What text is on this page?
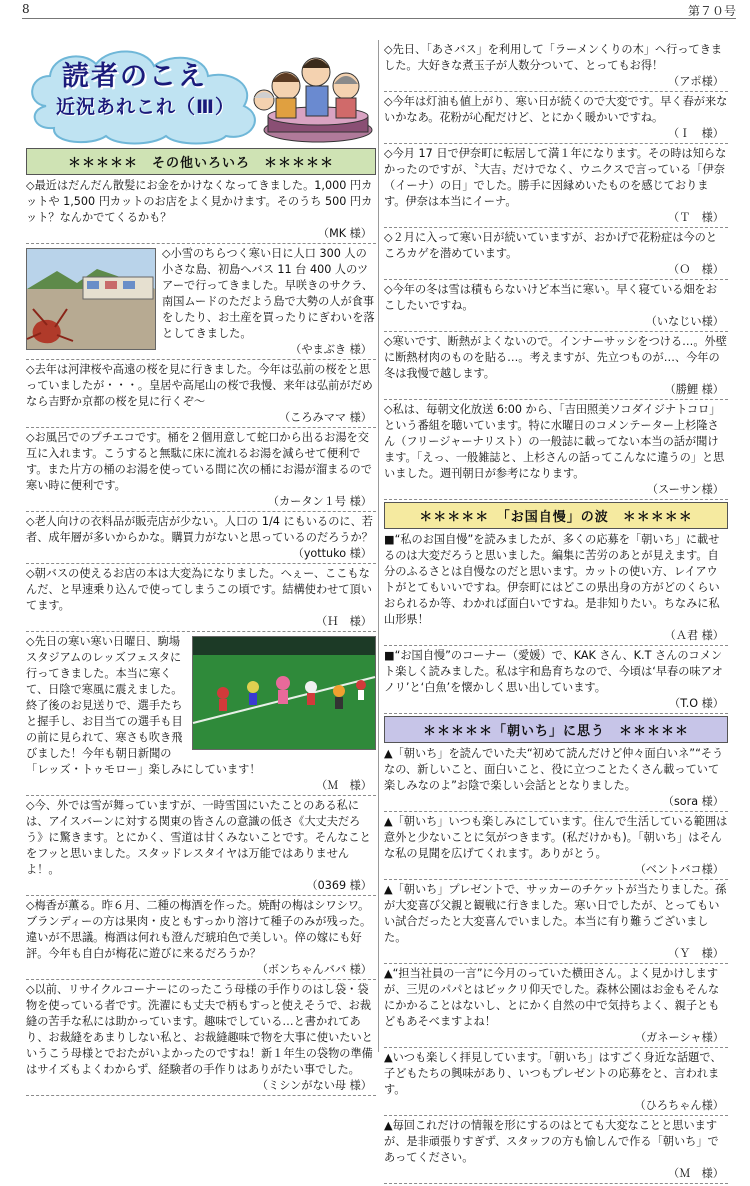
8	第７０号
読者のこえ
近況あれこれ（Ⅲ）
＊＊＊＊＊　その他いろいろ　＊＊＊＊＊
◇最近はだんだん散髪にお金をかけなくなってきました。1,000 円カットや 1,500 円カットのお店をよく見かけます。そのうち 500 円カット？なんかでてくるかも？
（MK 様）
◇小雪のちらつく寒い日に人口 300 人の小さな島、初島へバス 11 台 400 人のツアーで行ってきました。早咲きのサクラ、南国ムードのただよう島で大勢の人が食事をしたり、お土産を買ったりにぎわいを落としてきました。
（やまぶき 様）
◇去年は河津桜や高遠の桜を見に行きました。今年は弘前の桜をと思っていましたが・・・。皇居や高尾山の桜で我慢、来年は弘前がだめなら吉野か京都の桜を見に行くぞ～
（ころみママ 様）
◇お風呂でのプチエコです。桶を２個用意して蛇口から出るお湯を交互に入れます。こうすると無駄に床に流れるお湯を減らせて便利です。また片方の桶のお湯を使っている間に次の桶にお湯が溜まるので寒い時に便利です。
（カータン１号 様）
◇老人向けの衣料品が販売店が少ない。人口の 1/4 にもいるのに、若者、成年層が多いからかな。購買力がないと思っているのだろうか？
（yottuko 様）
◇朝バスの使えるお店の本は大変為になりました。へぇー、ここもなんだ、と早速乗り込んで使ってしまうこの頃です。結構使わせて頂いてます。
（Ｈ　様）
◇先日の寒い寒い日曜日、駒場スタジアムのレッズフェスタに行ってきました。本当に寒くて、日陰で寒風に震えました。終了後のお見送りで、選手たちと握手し、お目当ての選手も目の前に見られて、寒さも吹き飛びました！今年も朝日新聞の「レッズ・トゥモロー」楽しみにしています！
（Ｍ　様）
◇今、外では雪が舞っていますが、一時雪国にいたことのある私には、アイスバーンに対する関東の皆さんの意識の低さ《大丈夫だろう》に驚きます。とにかく、雪道は甘くみないことです。そんなことをフッと思いました。スタッドレスタイヤは万能ではありませんよ！。
（0369 様）
◇梅香が薫る。昨６月、二種の梅酒を作った。焼酎の梅はシワシワ。ブランディーの方は果肉・皮ともすっかり溶けて種子のみが残った。違いが不思議。梅酒は何れも澄んだ琥珀色で美しい。倅の嫁にも好評。今年も自白が梅花に遊びに来るだろうか？
（ボンちゃんババ 様）
◇以前、リサイクルコーナーにのったこう母様の手作りのはし袋・袋物を使っている者です。洗濯にも丈夫で柄もすっと使えそうで、お裁縫の苦手な私には助かっています。趣味でしている…と書かれてあり、お裁縫をあまりしない私と、お裁縫趣味で物を大事に使いたいというこう母様とでおたがいよかったのですね！新１年生の袋物の準備はサイズもよくわからず、経験者の手作りはありがたい事でした。
（ミシンがない母 様）
◇先日、「あさバス」を利用して「ラーメンくりの木」へ行ってきました。大好きな煮玉子が人数分ついて、とってもお得！
（アポ様）
◇今年は灯油も値上がり、寒い日が続くので大変です。早く春が来ないかなあ。花粉が心配だけど、とにかく暖かいですね。
（Ｉ　様）
◇今月 17 日で伊奈町に転居して満１年になります。その時は知らなかったのですが、〝大吉〟だけでなく、ウニクスで言っている「伊奈（イーナ）の日」でした。勝手に因縁めいたものを感じております。伊奈は本当にイーナ。
（Ｔ　様）
◇２月に入って寒い日が続いていますが、おかげで花粉症は今のところカゲを潜めています。
（Ｏ　様）
◇今年の冬は雪は積もらないけど本当に寒い。早く寝ている畑をおこしたいですね。
（いなじい様）
◇寒いです、断熱がよくないので。インナーサッシをつける…。外壁に断熱材肉のものを貼る…。考えますが、先立つものが…、今年の冬は我慢で越します。
（勝鯉 様）
◇私は、毎朝文化放送 6:00 から、「吉田照美ソコダイジナトコロ」という番組を聴いています。特に水曜日のコメンテーター上杉隆さん（フリージャーナリスト）の一般誌に載ってない本当の話が聞けます。「えっ、一般雑誌と、上杉さんの話ってこんなに違うの」と思いました。週刊朝日が参考になります。
（スーサン様）
＊＊＊＊＊　「お国自慢」の波　＊＊＊＊＊
■“私のお国自慢”を読みましたが、多くの応募を「朝いち」に載せるのは大変だろうと思いました。編集に苦労のあとが見えます。自分のふるさとは自慢なのだと思います。カットの使い方、レイアウトがとてもいいですね。伊奈町にはどこの県出身の方がどのくらいおられるか等、わかれば面白いですね。是非知りたい。ちなみに私　山形県！
（Ａ君 様）
■“お国自慢”のコーナー（愛媛）で、KAK さん、K.T さんのコメント楽しく読みました。私は宇和島育ちなので、今頃は‘早春の味アオノリ’と‘白魚’を懐かしく思い出しています。
（T.O 様）
＊＊＊＊＊「朝いち」に思う　＊＊＊＊＊
▲「朝いち」を読んでいた夫“初めて読んだけど仲々面白いネ”“そうなの、新しいこと、面白いこと、役に立つことたくさん載っていて楽しみなのよ”お陰で楽しい会話ととなりました。
（sora 様）
▲「朝いち」いつも楽しみにしています。住んで生活している範囲は意外と少ないことに気がつきます。(私だけかも)。「朝いち」はそんな私の見聞を広げてくれます。ありがとう。
（ベントバコ様）
▲「朝いち」プレゼントで、サッカーのチケットが当たりました。孫が大変喜び父親と観戦に行きました。寒い日でしたが、とってもいい試合だったと大変喜んでいました。本当に有り難うございました。
（Ｙ　様）
▲“担当社員の一言”に今月のっていた横田さん。よく見かけしますが、三児のパパとはビックリ仰天でした。森林公園はお金もそんなにかかることはないし、とにかく自然の中で気持ちよく、親子ともどもあそべますよね！
（ガネーシャ様）
▲いつも楽しく拝見しています。「朝いち」はすごく身近な話題で、子どもたちの興味があり、いつもプレゼントの応募をと、言われます。
（ひろちゃん様）
▲毎回これだけの情報を形にするのはとても大変なことと思いますが、是非頑張りすぎず、スタッフの方も愉しんで作る「朝いち」であってください。
（Ｍ　様）
